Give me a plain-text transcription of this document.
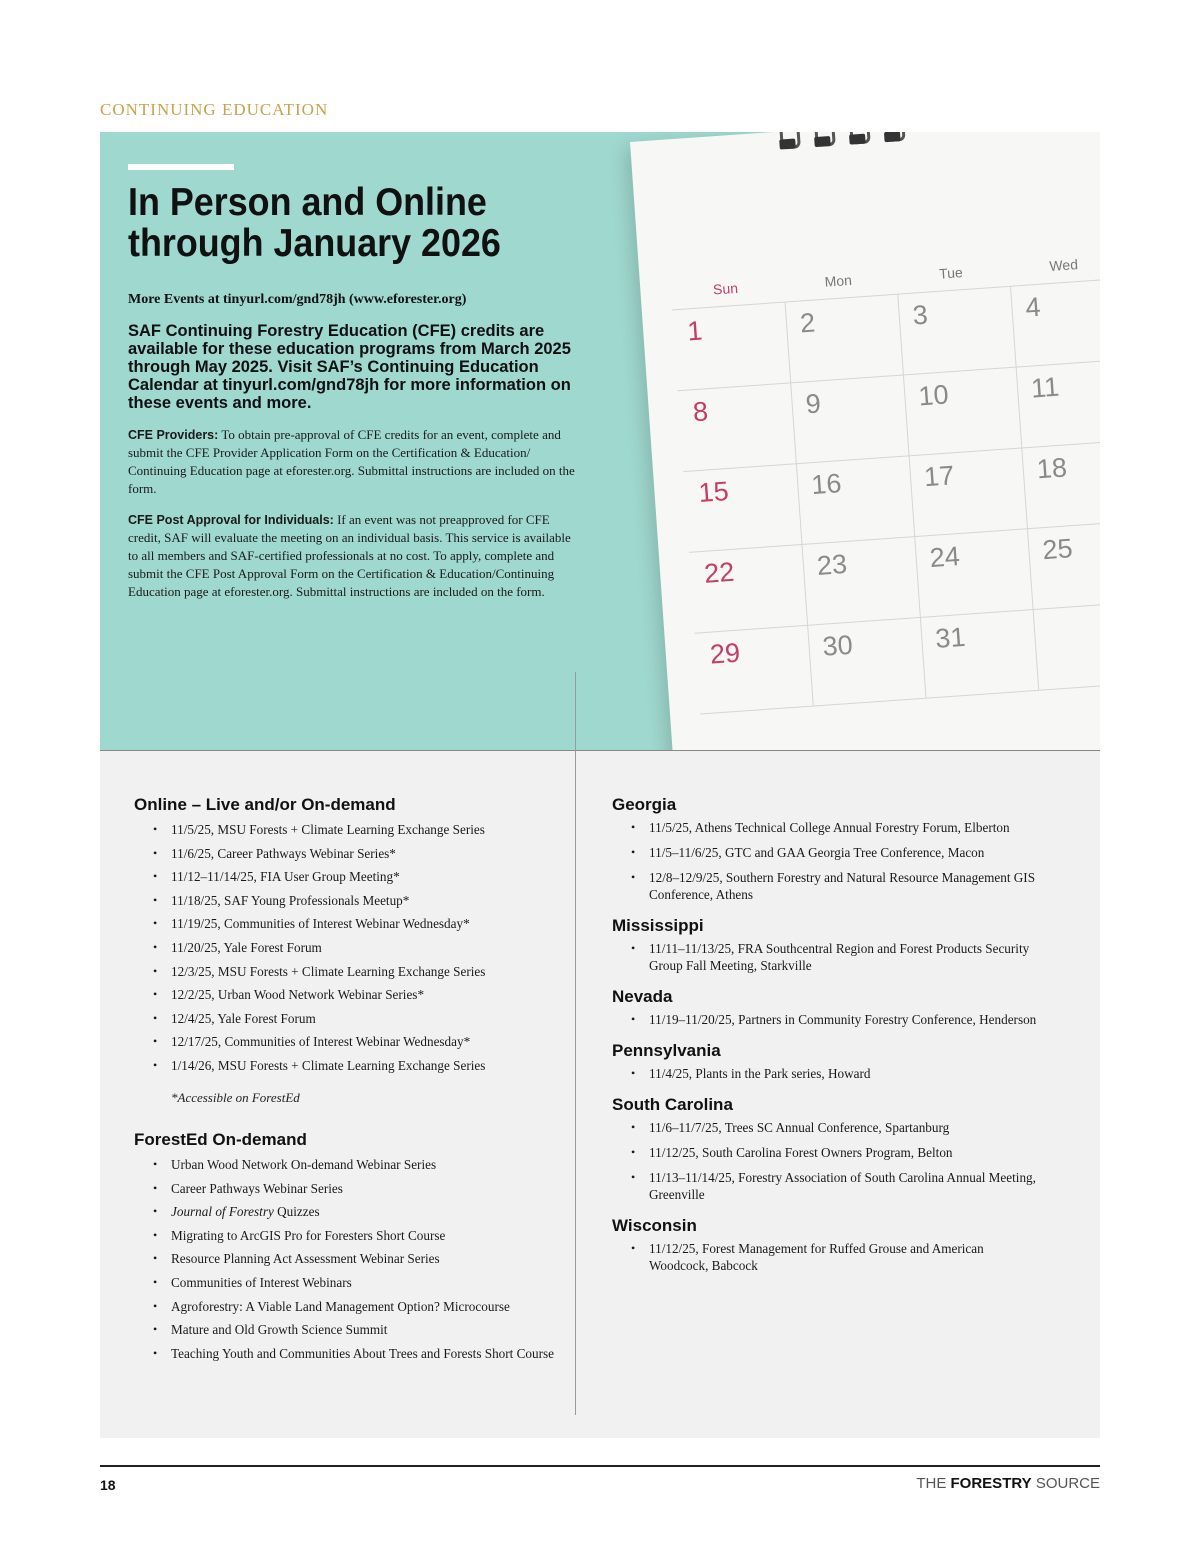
CONTINUING EDUCATION
In Person and Online through January 2026
More Events at tinyurl.com/gnd78jh (www.eforester.org)
SAF Continuing Forestry Education (CFE) credits are available for these education programs from March 2025 through May 2025. Visit SAF’s Continuing Education Calendar at tinyurl.com/gnd78jh for more information on these events and more.
CFE Providers: To obtain pre-approval of CFE credits for an event, complete and submit the CFE Provider Application Form on the Certification & Education/ Continuing Education page at eforester.org. Submittal instructions are included on the form.
CFE Post Approval for Individuals: If an event was not preapproved for CFE credit, SAF will evaluate the meeting on an individual basis. This service is available to all members and SAF-certified professionals at no cost. To apply, complete and submit the CFE Post Approval Form on the Certification & Education/Continuing Education page at eforester.org. Submittal instructions are included on the form.
Sun	Mon	Tue	Wed
1	2	3	4
8	9	10	11
15	16	17	18
22	23	24	25
29	30	31
Online – Live and/or On-demand
• 11/5/25, MSU Forests + Climate Learning Exchange Series
• 11/6/25, Career Pathways Webinar Series*
• 11/12–11/14/25, FIA User Group Meeting*
• 11/18/25, SAF Young Professionals Meetup*
• 11/19/25, Communities of Interest Webinar Wednesday*
• 11/20/25, Yale Forest Forum
• 12/3/25, MSU Forests + Climate Learning Exchange Series
• 12/2/25, Urban Wood Network Webinar Series*
• 12/4/25, Yale Forest Forum
• 12/17/25, Communities of Interest Webinar Wednesday*
• 1/14/26, MSU Forests + Climate Learning Exchange Series
*Accessible on ForestEd
ForestEd On-demand
• Urban Wood Network On-demand Webinar Series
• Career Pathways Webinar Series
• Journal of Forestry Quizzes
• Migrating to ArcGIS Pro for Foresters Short Course
• Resource Planning Act Assessment Webinar Series
• Communities of Interest Webinars
• Agroforestry: A Viable Land Management Option? Microcourse
• Mature and Old Growth Science Summit
• Teaching Youth and Communities About Trees and Forests Short Course
Georgia
• 11/5/25, Athens Technical College Annual Forestry Forum, Elberton
• 11/5–11/6/25, GTC and GAA Georgia Tree Conference, Macon
• 12/8–12/9/25, Southern Forestry and Natural Resource Management GIS Conference, Athens
Mississippi
• 11/11–11/13/25, FRA Southcentral Region and Forest Products Security Group Fall Meeting, Starkville
Nevada
• 11/19–11/20/25, Partners in Community Forestry Conference, Henderson
Pennsylvania
• 11/4/25, Plants in the Park series, Howard
South Carolina
• 11/6–11/7/25, Trees SC Annual Conference, Spartanburg
• 11/12/25, South Carolina Forest Owners Program, Belton
• 11/13–11/14/25, Forestry Association of South Carolina Annual Meeting, Greenville
Wisconsin
• 11/12/25, Forest Management for Ruffed Grouse and American Woodcock, Babcock
18	THE FORESTRY SOURCE
